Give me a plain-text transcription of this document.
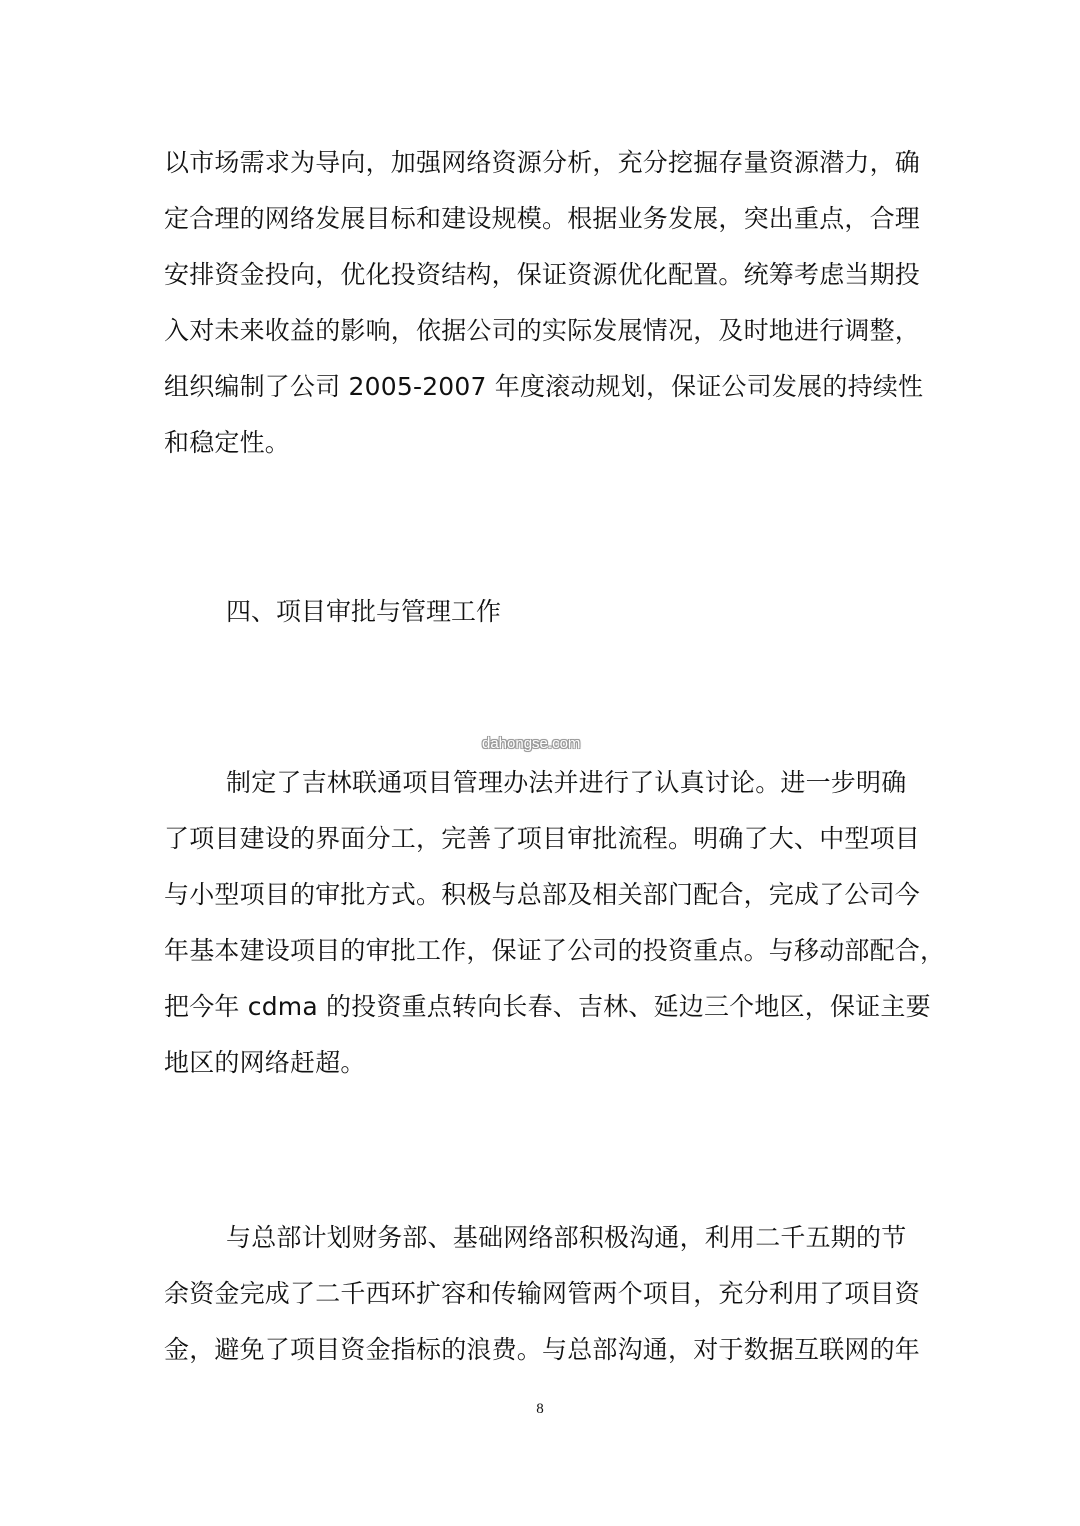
以市场需求为导向，加强网络资源分析，充分挖掘存量资源潜力，确
定合理的网络发展目标和建设规模。根据业务发展，突出重点，合理
安排资金投向，优化投资结构，保证资源优化配置。统筹考虑当期投
入对未来收益的影响，依据公司的实际发展情况，及时地进行调整，
组织编制了公司 2005-2007 年度滚动规划，保证公司发展的持续性
和稳定性。
四、项目审批与管理工作
dahongse.com
制定了吉林联通项目管理办法并进行了认真讨论。进一步明确
了项目建设的界面分工，完善了项目审批流程。明确了大、中型项目
与小型项目的审批方式。积极与总部及相关部门配合，完成了公司今
年基本建设项目的审批工作，保证了公司的投资重点。与移动部配合，
把今年 cdma 的投资重点转向长春、吉林、延边三个地区，保证主要
地区的网络赶超。
与总部计划财务部、基础网络部积极沟通，利用二千五期的节
余资金完成了二千西环扩容和传输网管两个项目，充分利用了项目资
金，避免了项目资金指标的浪费。与总部沟通，对于数据互联网的年
8
